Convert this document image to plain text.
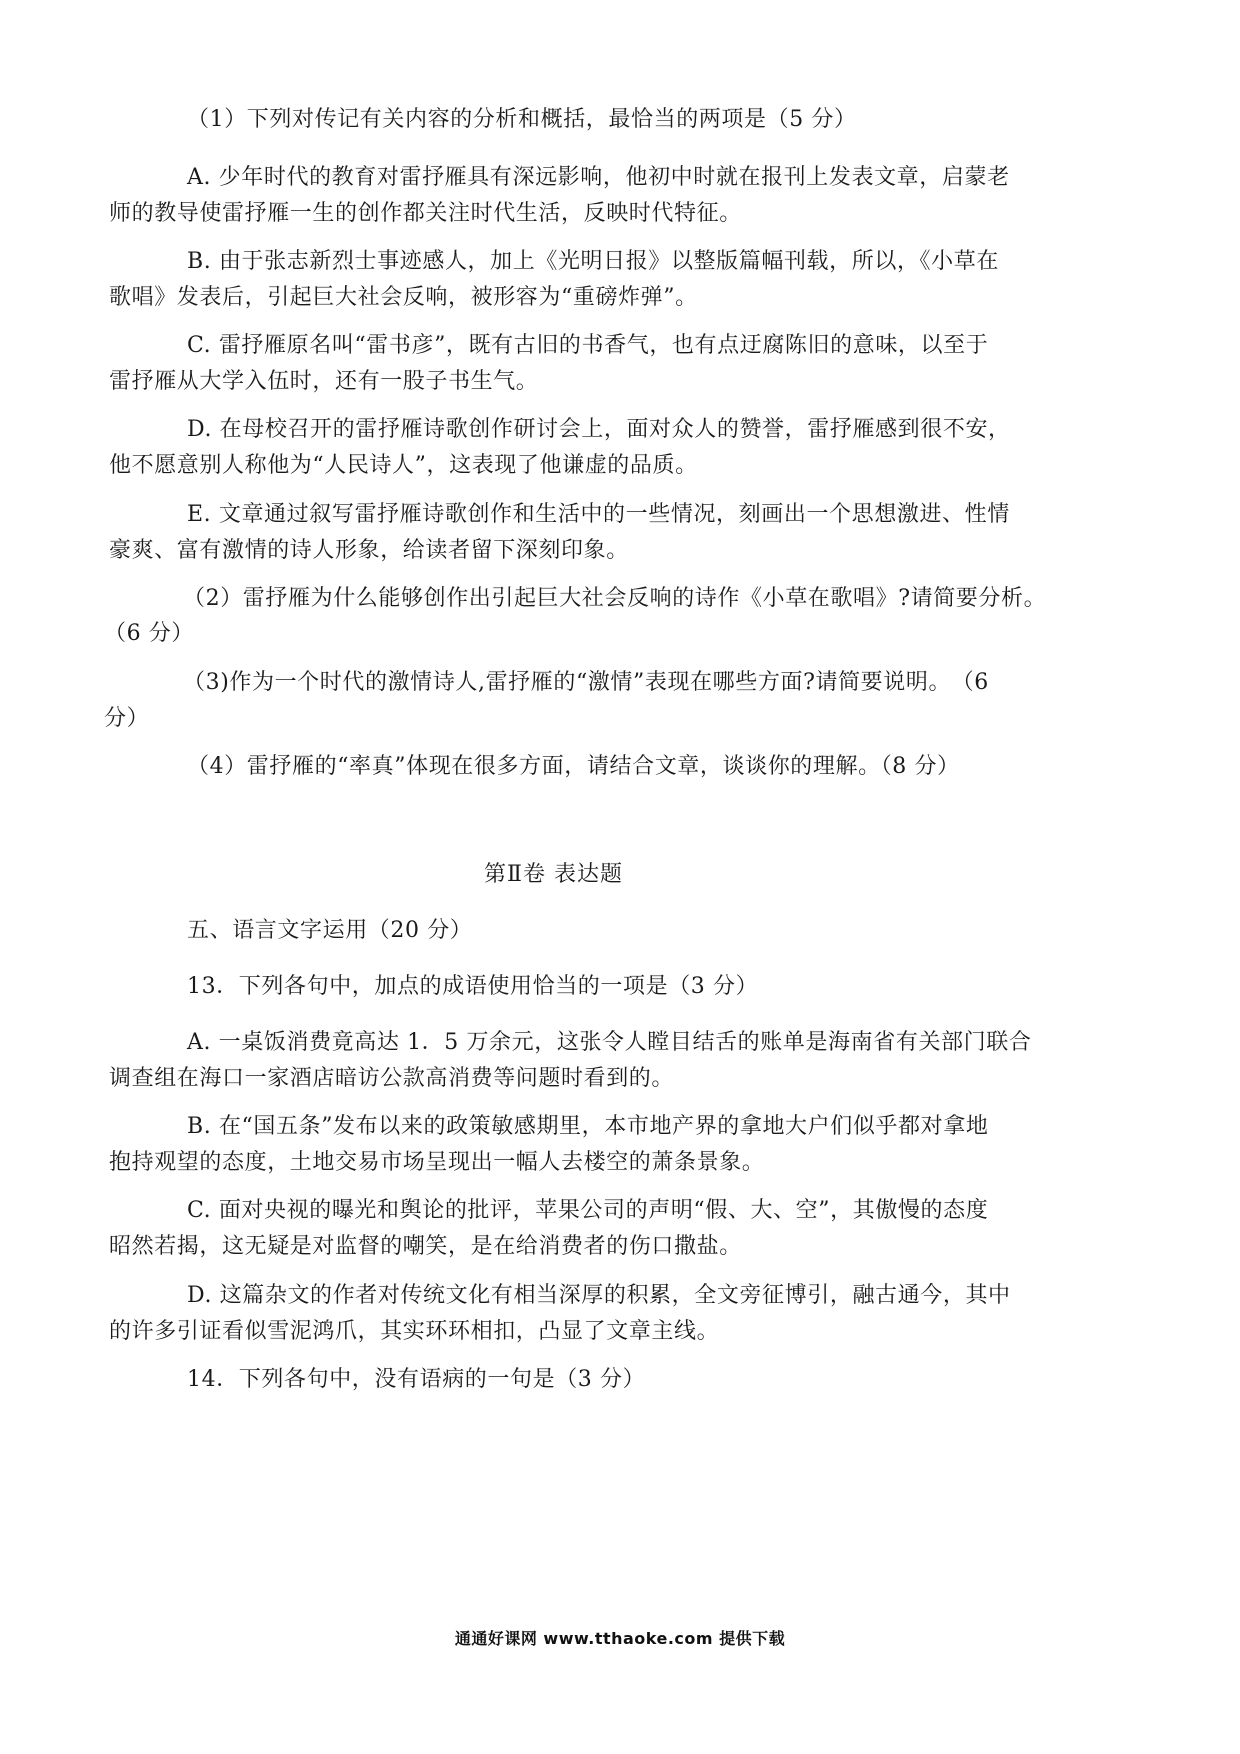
（1）下列对传记有关内容的分析和概括，最恰当的两项是（5 分）
A. 少年时代的教育对雷抒雁具有深远影响，他初中时就在报刊上发表文章，启蒙老
师的教导使雷抒雁一生的创作都关注时代生活，反映时代特征。
B. 由于张志新烈士事迹感人，加上《光明日报》以整版篇幅刊载，所以，《小草在
歌唱》发表后，引起巨大社会反响，被形容为“重磅炸弹”。
C. 雷抒雁原名叫“雷书彦”，既有古旧的书香气，也有点迂腐陈旧的意味，以至于
雷抒雁从大学入伍时，还有一股子书生气。
D. 在母校召开的雷抒雁诗歌创作研讨会上，面对众人的赞誉，雷抒雁感到很不安，
他不愿意别人称他为“人民诗人”，这表现了他谦虚的品质。
E. 文章通过叙写雷抒雁诗歌创作和生活中的一些情况，刻画出一个思想激进、性情
豪爽、富有激情的诗人形象，给读者留下深刻印象。
（2）雷抒雁为什么能够创作出引起巨大社会反响的诗作《小草在歌唱》?请简要分析。
（6 分）
（3)作为一个时代的激情诗人,雷抒雁的“激情”表现在哪些方面?请简要说明。　（6
分）
（4）雷抒雁的“率真”体现在很多方面，请结合文章，谈谈你的理解。（8 分）
第Ⅱ卷 表达题
五、语言文字运用（20 分）
13．下列各句中，加点的成语使用恰当的一项是（3 分）
A. 一桌饭消费竟高达 1．5 万余元，这张令人瞠目结舌的账单是海南省有关部门联合
调查组在海口一家酒店暗访公款高消费等问题时看到的。
B. 在“国五条”发布以来的政策敏感期里，本市地产界的拿地大户们似乎都对拿地
抱持观望的态度，土地交易市场呈现出一幅人去楼空的萧条景象。
C. 面对央视的曝光和舆论的批评，苹果公司的声明“假、大、空”，其傲慢的态度
昭然若揭，这无疑是对监督的嘲笑，是在给消费者的伤口撒盐。
D. 这篇杂文的作者对传统文化有相当深厚的积累，全文旁征博引，融古通今，其中
的许多引证看似雪泥鸿爪，其实环环相扣，凸显了文章主线。
14．下列各句中，没有语病的一句是（3 分）
通通好课网 www.tthaoke.com 提供下载
